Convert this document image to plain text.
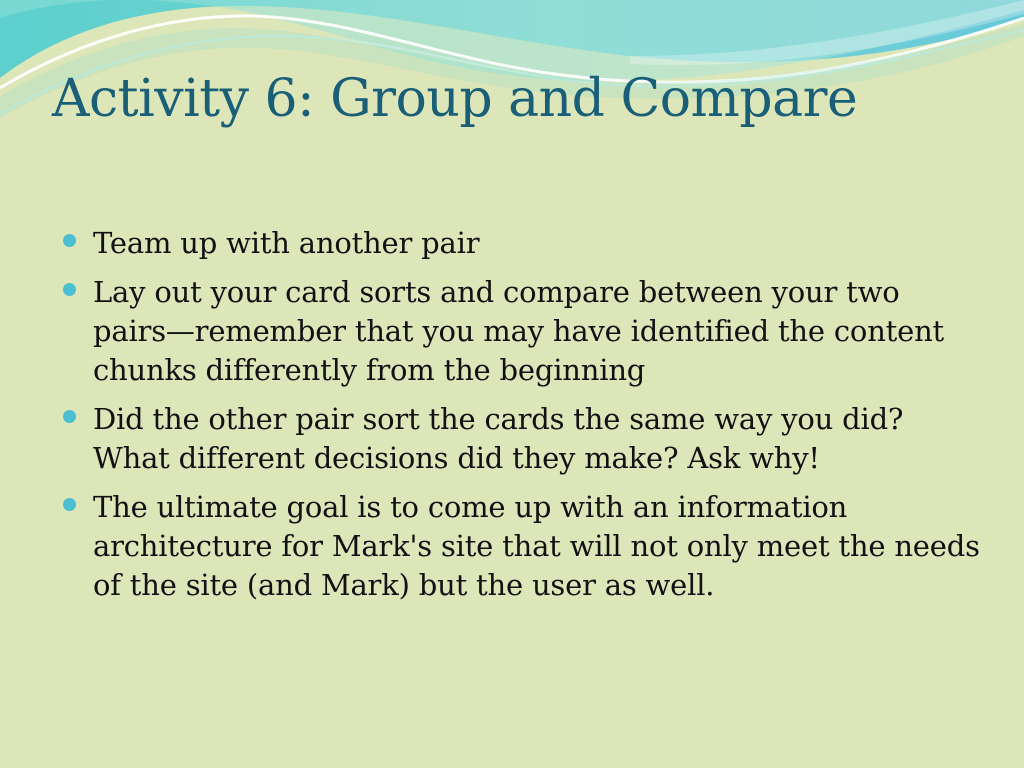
Activity 6: Group and Compare
Team up with another pair
Lay out your card sorts and compare between your two pairs—remember that you may have identified the content chunks differently from the beginning
Did the other pair sort the cards the same way you did? What different decisions did they make? Ask why!
The ultimate goal is to come up with an information architecture for Mark's site that will not only meet the needs of the site (and Mark) but the user as well.
